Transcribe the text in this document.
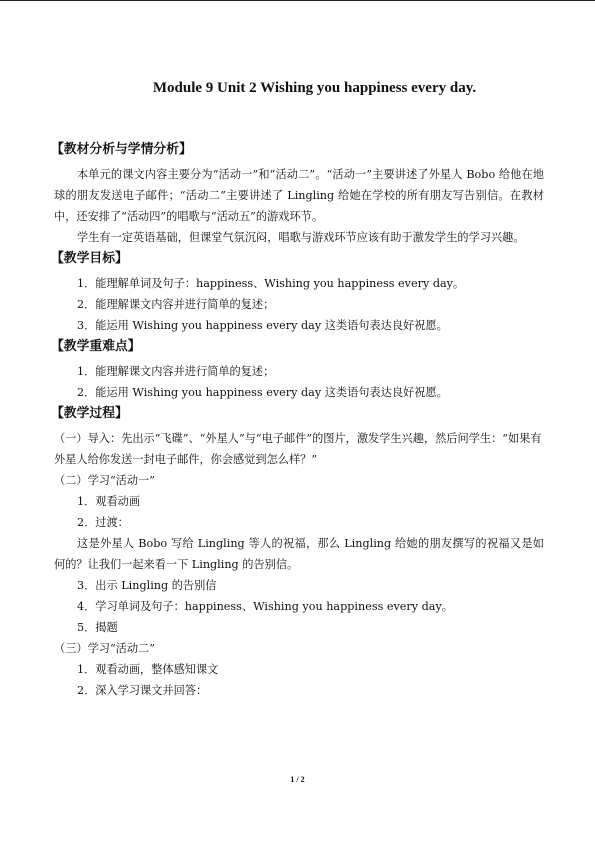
Module 9 Unit 2 Wishing you happiness every day.
【教材分析与学情分析】

本单元的课文内容主要分为“活动一”和“活动二”。“活动一”主要讲述了外星人 Bobo 给他在地球的朋友发送电子邮件；“活动二”主要讲述了 Lingling 给她在学校的所有朋友写告别信。在教材中，还安排了“活动四”的唱歌与“活动五”的游戏环节。

学生有一定英语基础，但课堂气氛沉闷，唱歌与游戏环节应该有助于激发学生的学习兴趣。

【教学目标】

1．能理解单词及句子：happiness、Wishing you happiness every day。

2．能理解课文内容并进行简单的复述；

3．能运用 Wishing you happiness every day 这类语句表达良好祝愿。

【教学重难点】

1．能理解课文内容并进行简单的复述；

2．能运用 Wishing you happiness every day 这类语句表达良好祝愿。

【教学过程】

（一）导入：先出示“飞碟”、“外星人”与“电子邮件”的图片，激发学生兴趣，然后问学生：“如果有外星人给你发送一封电子邮件，你会感觉到怎么样？”

（二）学习“活动一”

1．观看动画

2．过渡：

这是外星人 Bobo 写给 Lingling 等人的祝福，那么 Lingling 给她的朋友撰写的祝福又是如何的？让我们一起来看一下 Lingling 的告别信。

3．出示 Lingling 的告别信

4．学习单词及句子：happiness、Wishing you happiness every day。

5．揭题

（三）学习“活动二”

1．观看动画，整体感知课文

2．深入学习课文并回答：

1 / 2
